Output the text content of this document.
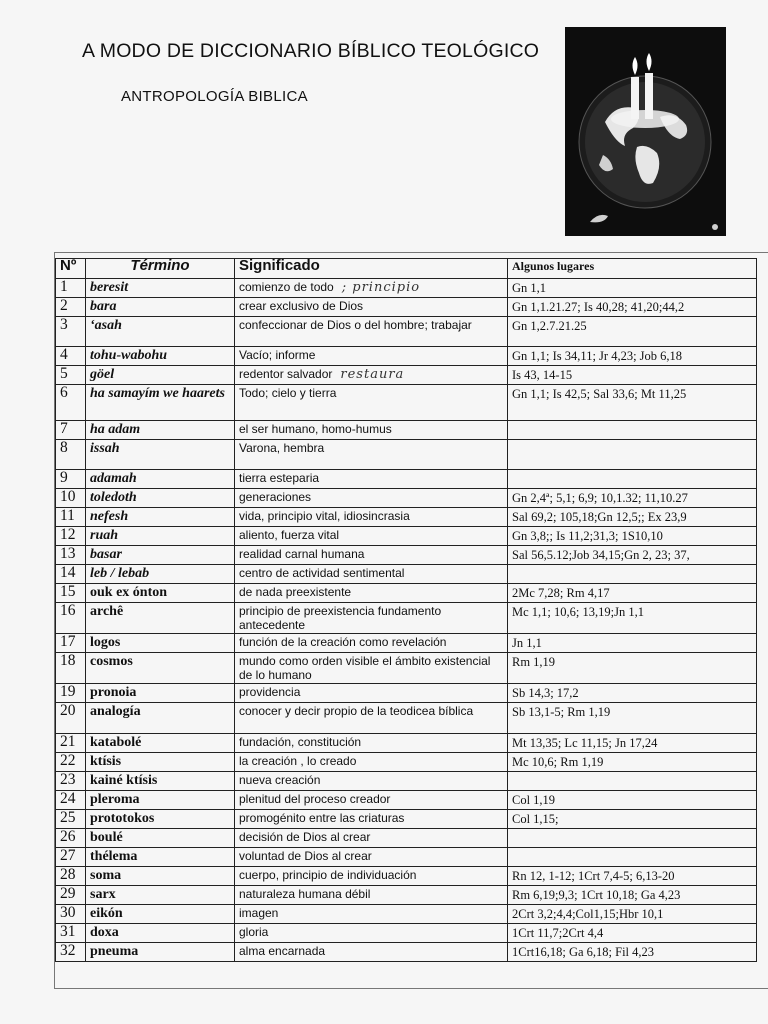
A MODO DE DICCIONARIO BÍBLICO TEOLÓGICO
ANTROPOLOGÍA BIBLICA
Nº	Término	Significado	Algunos lugares
1	beresit	comienzo de todo ; principio	Gn 1,1
2	bara	crear exclusivo de Dios	Gn 1,1.21.27; Is 40,28; 41,20;44,2
3	‘asah	confeccionar de Dios o del hombre; trabajar	Gn 1,2.7.21.25
4	tohu-wabohu	Vacío; informe	Gn 1,1; Is 34,11; Jr 4,23; Job 6,18
5	göel	redentor salvador restaura	Is 43, 14-15
6	ha samayím we haarets	Todo; cielo y tierra	Gn 1,1; Is 42,5; Sal 33,6; Mt 11,25
7	ha adam	el ser humano, homo-humus	
8	issah	Varona, hembra	
9	adamah	tierra esteparia	
10	toledoth	generaciones	Gn 2,4ª; 5,1; 6,9; 10,1.32; 11,10.27
11	nefesh	vida, principio vital, idiosincrasia	Sal 69,2; 105,18;Gn 12,5;; Ex 23,9
12	ruah	aliento, fuerza vital	Gn 3,8;; Is 11,2;31,3; 1S10,10
13	basar	realidad carnal humana	Sal 56,5.12;Job 34,15;Gn 2, 23; 37,
14	leb / lebab	centro de actividad sentimental	
15	ouk ex ónton	de nada preexistente	2Mc 7,28; Rm 4,17
16	archê	principio de preexistencia fundamento antecedente	Mc 1,1; 10,6; 13,19;Jn 1,1
17	logos	función de la creación como revelación	Jn 1,1
18	cosmos	mundo como orden visible el ámbito existencial de lo humano	Rm 1,19
19	pronoia	providencia	Sb 14,3; 17,2
20	analogía	conocer y decir propio de la teodicea bíblica	Sb 13,1-5; Rm 1,19
21	katabolé	fundación, constitución	Mt 13,35; Lc 11,15; Jn 17,24
22	ktísis	la creación , lo creado	Mc 10,6; Rm 1,19
23	kainé ktísis	nueva creación	
24	pleroma	plenitud del proceso creador	Col 1,19
25	prototokos	promogénito entre las criaturas	Col 1,15;
26	boulé	decisión de Dios al crear	
27	thélema	voluntad de Dios al crear	
28	soma	cuerpo, principio de individuación	Rn 12, 1-12; 1Crt 7,4-5; 6,13-20
29	sarx	naturaleza humana débil	Rm 6,19;9,3; 1Crt 10,18; Ga 4,23
30	eikón	imagen	2Crt 3,2;4,4;Col1,15;Hbr 10,1
31	doxa	gloria	1Crt 11,7;2Crt 4,4
32	pneuma	alma encarnada	1Crt16,18; Ga 6,18; Fil 4,23
